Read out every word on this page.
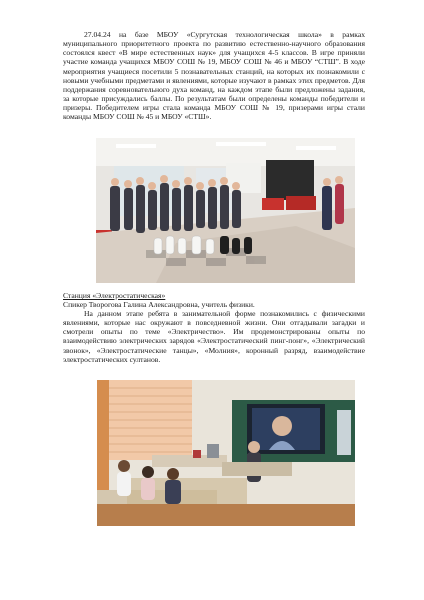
27.04.24 на базе МБОУ «Сургутская технологическая школа» в рамках муниципального приоритетного проекта по развитию естественно-научного образования состоялся квест «В мире естественных наук» для учащихся 4-5 классов. В игре приняли участие команда учащихся МБОУ СОШ № 19, МБОУ СОШ № 46 и МБОУ “СТШ”. В ходе мероприятия учащиеся посетили 5 познавательных станций, на которых их познакомили с новыми учебными предметами и явлениями, которые изучают в рамках этих предметов. Для поддержания соревновательного духа команд, на каждом этапе были предложены задания, за которые присуждались баллы. По результатам были определены команды победители и призеры. Победителем игры стала команда МБОУ СОШ № 19, призерами игры стали команды МБОУ СОШ № 45 и МБОУ «СТШ».

Станция «Электростатическая»

Спикер Творогова Галина Александровна, учитель физики.

На данном этапе ребята в занимательной форме познакомились с физическими явлениями, которые нас окружают в повседневной жизни. Они отгадывали загадки и смотрели опыты по теме «Электричество». Им продемонстрированы опыты по взаимодействию электрических зарядов «Электростатический пинг-понг», «Электрический звонок», «Электростатические танцы», «Молния», коронный разряд, взаимодействие электростатических султанов.
